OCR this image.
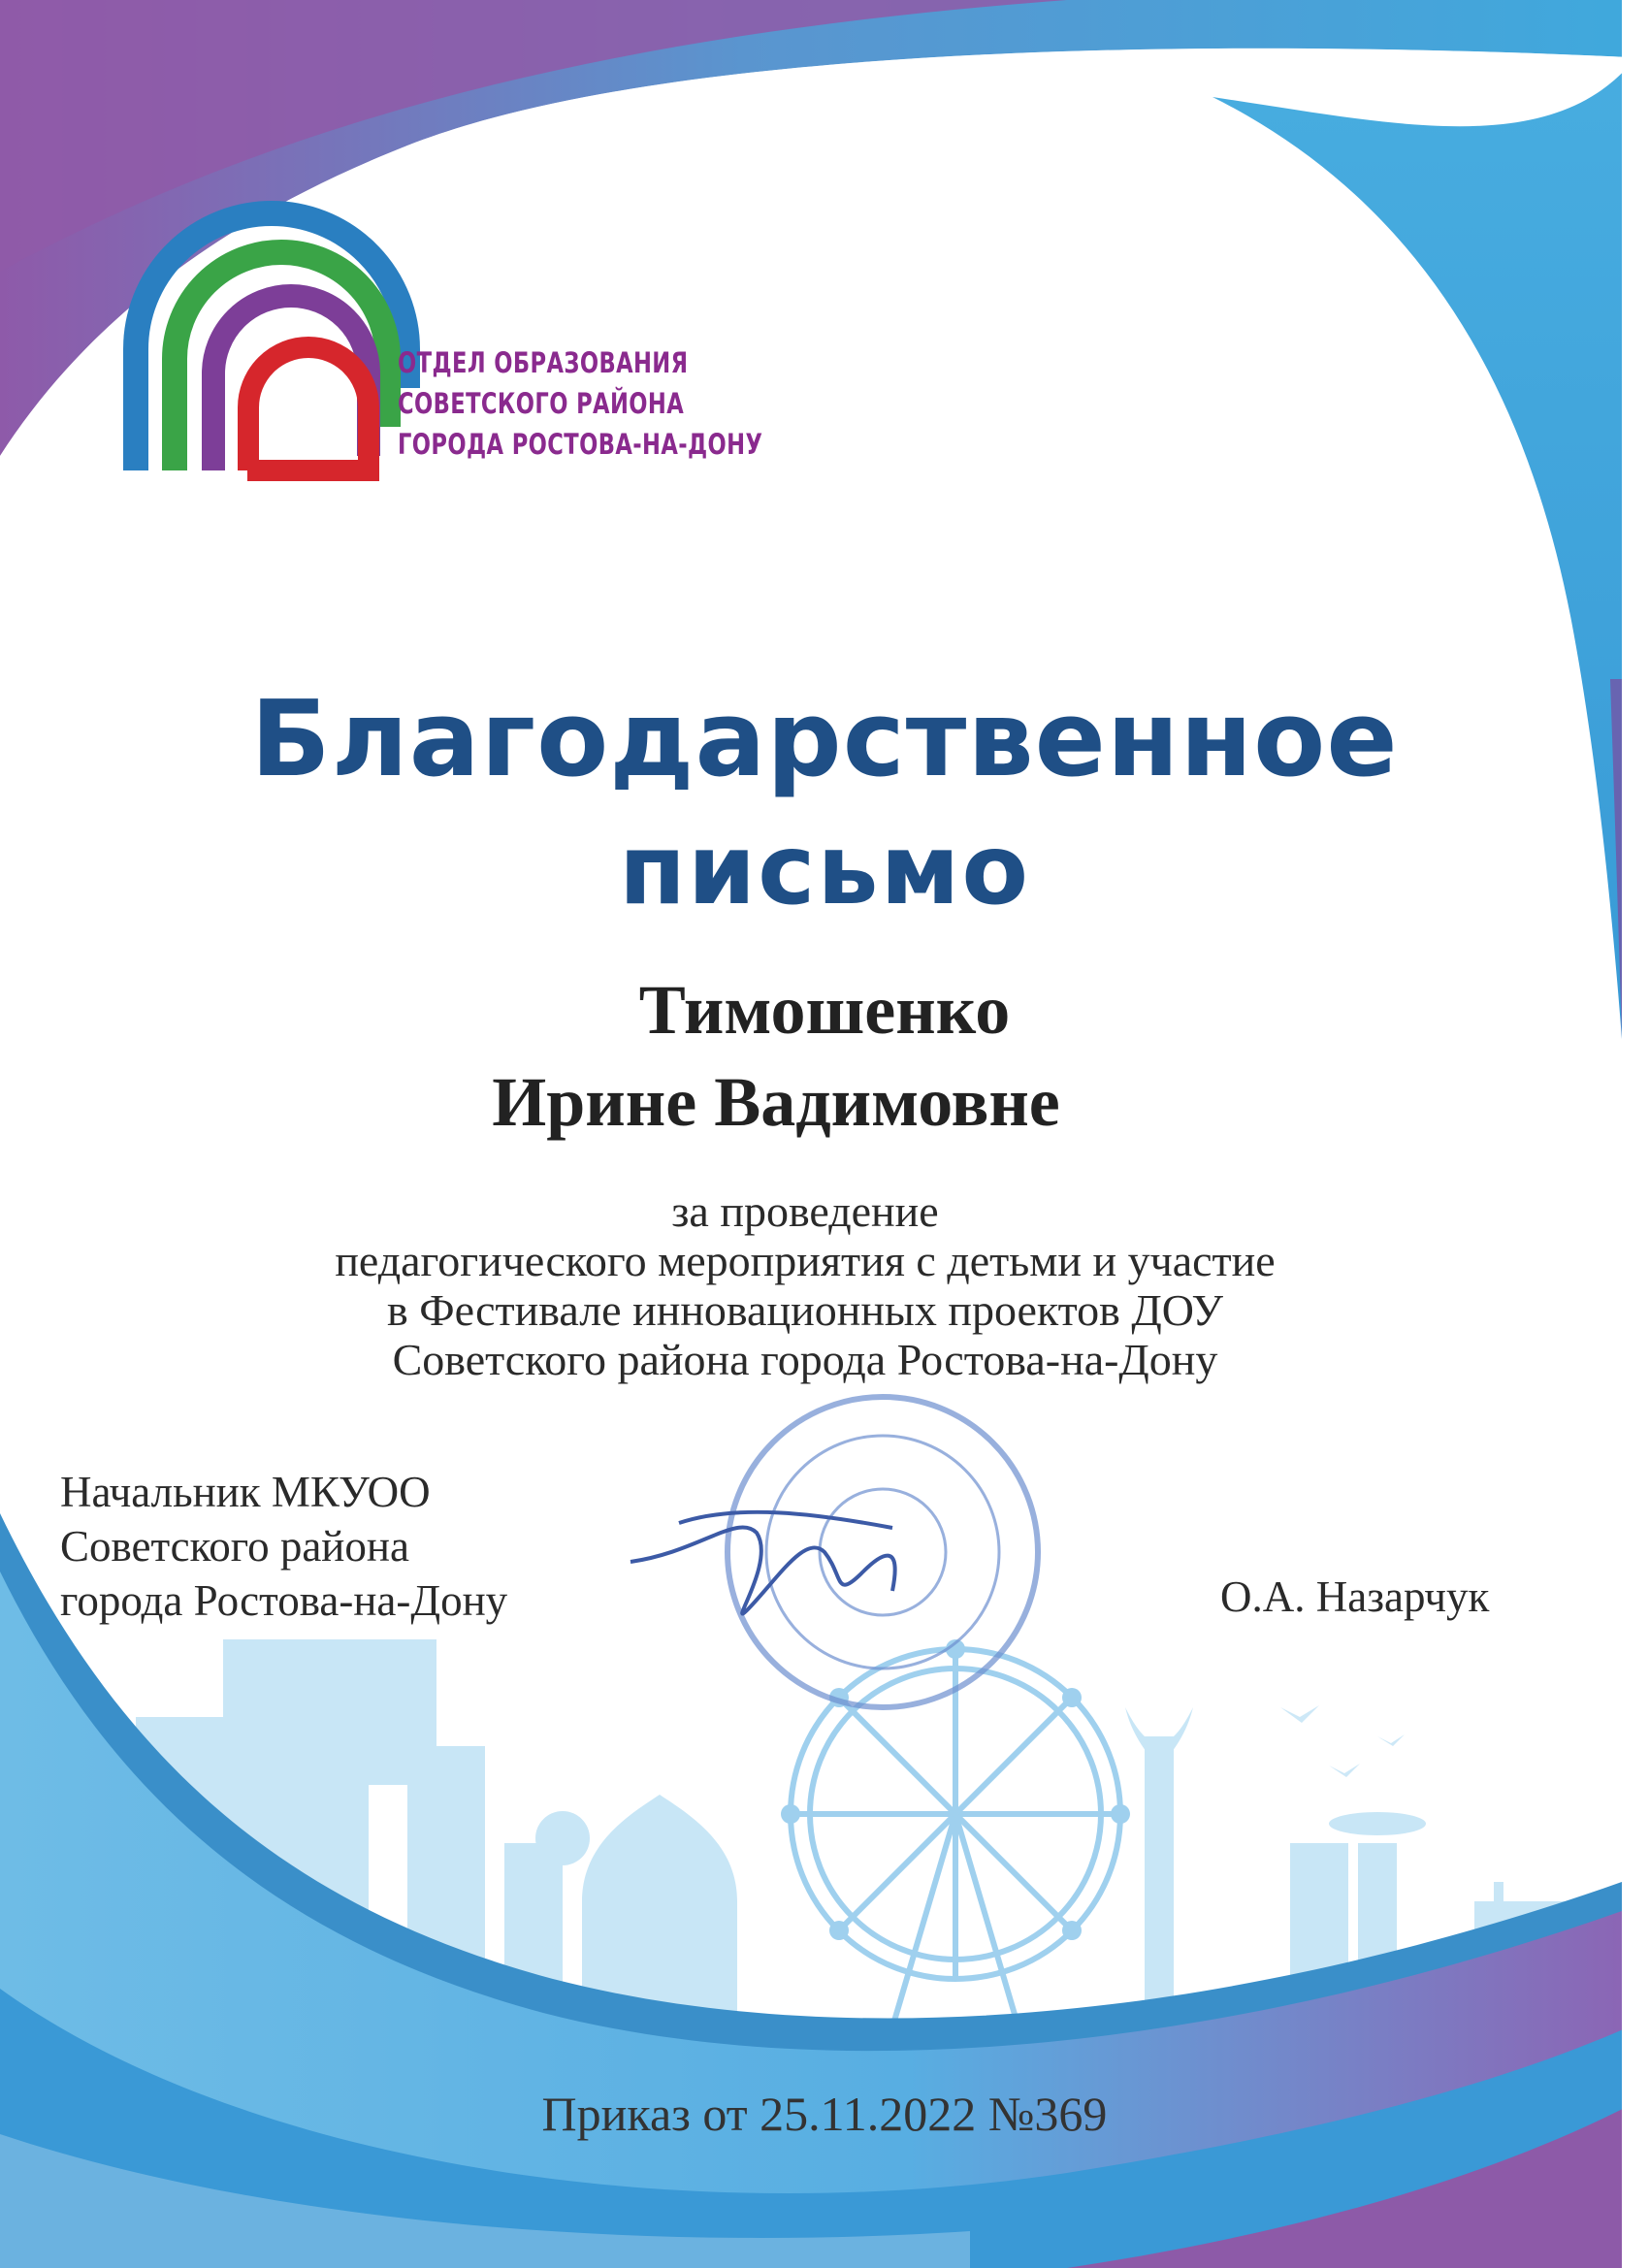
ОТДЕЛ ОБРАЗОВАНИЯ
СОВЕТСКОГО РАЙОНА
ГОРОДА РОСТОВА-НА-ДОНУ
Благодарственное
письмо
Тимошенко
Ирине Вадимовне
за проведение
педагогического мероприятия с детьми и участие
в Фестивале инновационных проектов ДОУ
Советского района города Ростова-на-Дону
Начальник МКУОО
Советского района
города Ростова-на-Дону	О.А. Назарчук
Приказ от 25.11.2022 №369
